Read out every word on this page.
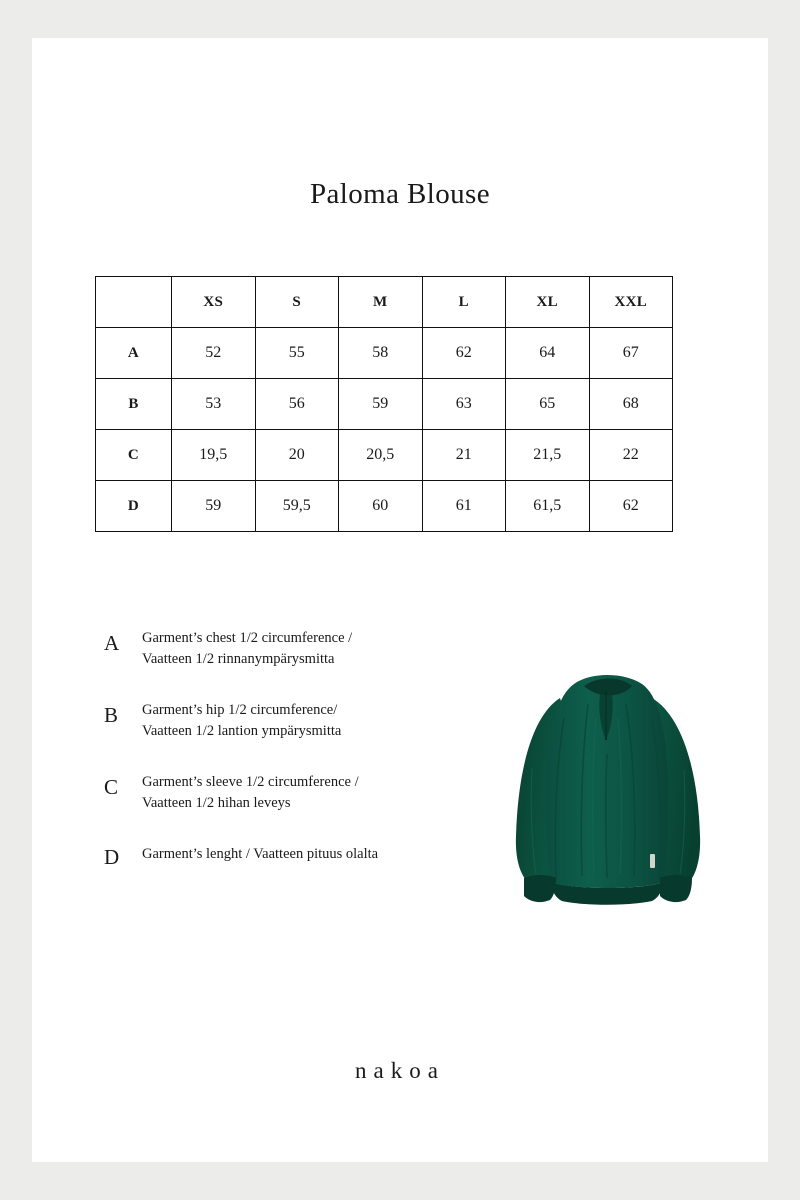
Paloma Blouse
	XS	S	M	L	XL	XXL
A	52	55	58	62	64	67
B	53	56	59	63	65	68
C	19,5	20	20,5	21	21,5	22
D	59	59,5	60	61	61,5	62
A	Garment’s chest 1/2 circumference /
Vaatteen 1/2 rinnanympärysmitta
B	Garment’s hip 1/2 circumference/
Vaatteen 1/2 lantion ympärysmitta
C	Garment’s sleeve 1/2 circumference /
Vaatteen 1/2 hihan leveys
D	Garment’s lenght / Vaatteen pituus olalta
nakoa
